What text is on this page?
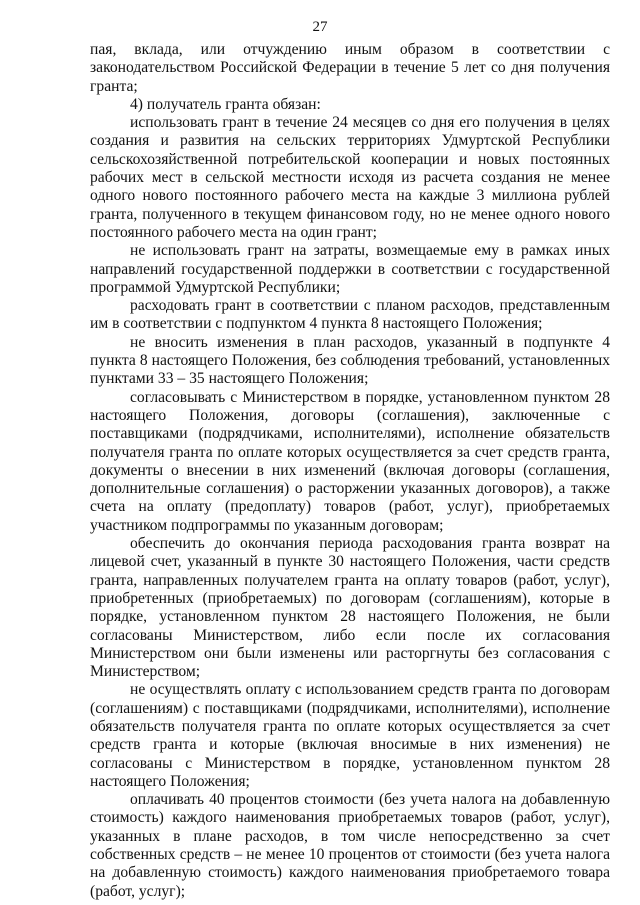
27

пая, вклада, или отчуждению иным образом в соответствии с законодательством Российской Федерации в течение 5 лет со дня получения гранта;

4) получатель гранта обязан:

использовать грант в течение 24 месяцев со дня его получения в целях создания и развития на сельских территориях Удмуртской Республики сельскохозяйственной потребительской кооперации и новых постоянных рабочих мест в сельской местности исходя из расчета создания не менее одного нового постоянного рабочего места на каждые 3 миллиона рублей гранта, полученного в текущем финансовом году, но не менее одного нового постоянного рабочего места на один грант;

не использовать грант на затраты, возмещаемые ему в рамках иных направлений государственной поддержки в соответствии с государственной программой Удмуртской Республики;

расходовать грант в соответствии с планом расходов, представленным им в соответствии с подпунктом 4 пункта 8 настоящего Положения;

не вносить изменения в план расходов, указанный в подпункте 4 пункта 8 настоящего Положения, без соблюдения требований, установленных пунктами 33 – 35 настоящего Положения;

согласовывать с Министерством в порядке, установленном пунктом 28 настоящего Положения, договоры (соглашения), заключенные с поставщиками (подрядчиками, исполнителями), исполнение обязательств получателя гранта по оплате которых осуществляется за счет средств гранта, документы о внесении в них изменений (включая договоры (соглашения, дополнительные соглашения) о расторжении указанных договоров), а также счета на оплату (предоплату) товаров (работ, услуг), приобретаемых участником подпрограммы по указанным договорам;

обеспечить до окончания периода расходования гранта возврат на лицевой счет, указанный в пункте 30 настоящего Положения, части средств гранта, направленных получателем гранта на оплату товаров (работ, услуг), приобретенных (приобретаемых) по договорам (соглашениям), которые в порядке, установленном пунктом 28 настоящего Положения, не были согласованы Министерством, либо если после их согласования Министерством они были изменены или расторгнуты без согласования с Министерством;

не осуществлять оплату с использованием средств гранта по договорам (соглашениям) с поставщиками (подрядчиками, исполнителями), исполнение обязательств получателя гранта по оплате которых осуществляется за счет средств гранта и которые (включая вносимые в них изменения) не согласованы с Министерством в порядке, установленном пунктом 28 настоящего Положения;

оплачивать 40 процентов стоимости (без учета налога на добавленную стоимость) каждого наименования приобретаемых товаров (работ, услуг), указанных в плане расходов, в том числе непосредственно за счет собственных средств – не менее 10 процентов от стоимости (без учета налога на добавленную стоимость) каждого наименования приобретаемого товара (работ, услуг);
